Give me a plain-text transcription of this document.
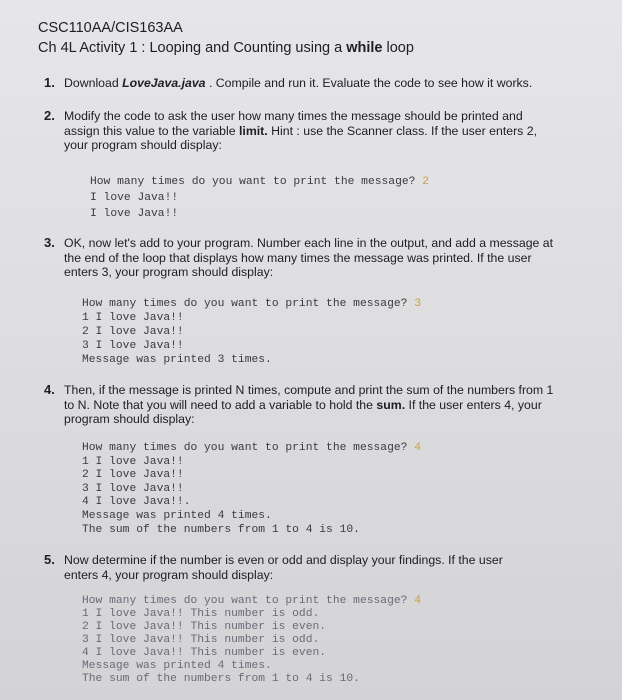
CSC110AA/CIS163AA
Ch 4L Activity 1 : Looping and Counting using a while loop
1. Download LoveJava.java . Compile and run it. Evaluate the code to see how it works.
2. Modify the code to ask the user how many times the message should be printed and
assign this value to the variable limit. Hint : use the Scanner class. If the user enters 2,
your program should display:
How many times do you want to print the message? 2
I love Java!!
I love Java!!
3. OK, now let's add to your program. Number each line in the output, and add a message at
the end of the loop that displays how many times the message was printed. If the user
enters 3, your program should display:
How many times do you want to print the message? 3
1 I love Java!!
2 I love Java!!
3 I love Java!!
Message was printed 3 times.
4. Then, if the message is printed N times, compute and print the sum of the numbers from 1
to N. Note that you will need to add a variable to hold the sum. If the user enters 4, your
program should display:
How many times do you want to print the message? 4
1 I love Java!!
2 I love Java!!
3 I love Java!!
4 I love Java!!.
Message was printed 4 times.
The sum of the numbers from 1 to 4 is 10.
5. Now determine if the number is even or odd and display your findings. If the user
enters 4, your program should display:
How many times do you want to print the message? 4
1 I love Java!! This number is odd.
2 I love Java!! This number is even.
3 I love Java!! This number is odd.
4 I love Java!! This number is even.
Message was printed 4 times.
The sum of the numbers from 1 to 4 is 10.
